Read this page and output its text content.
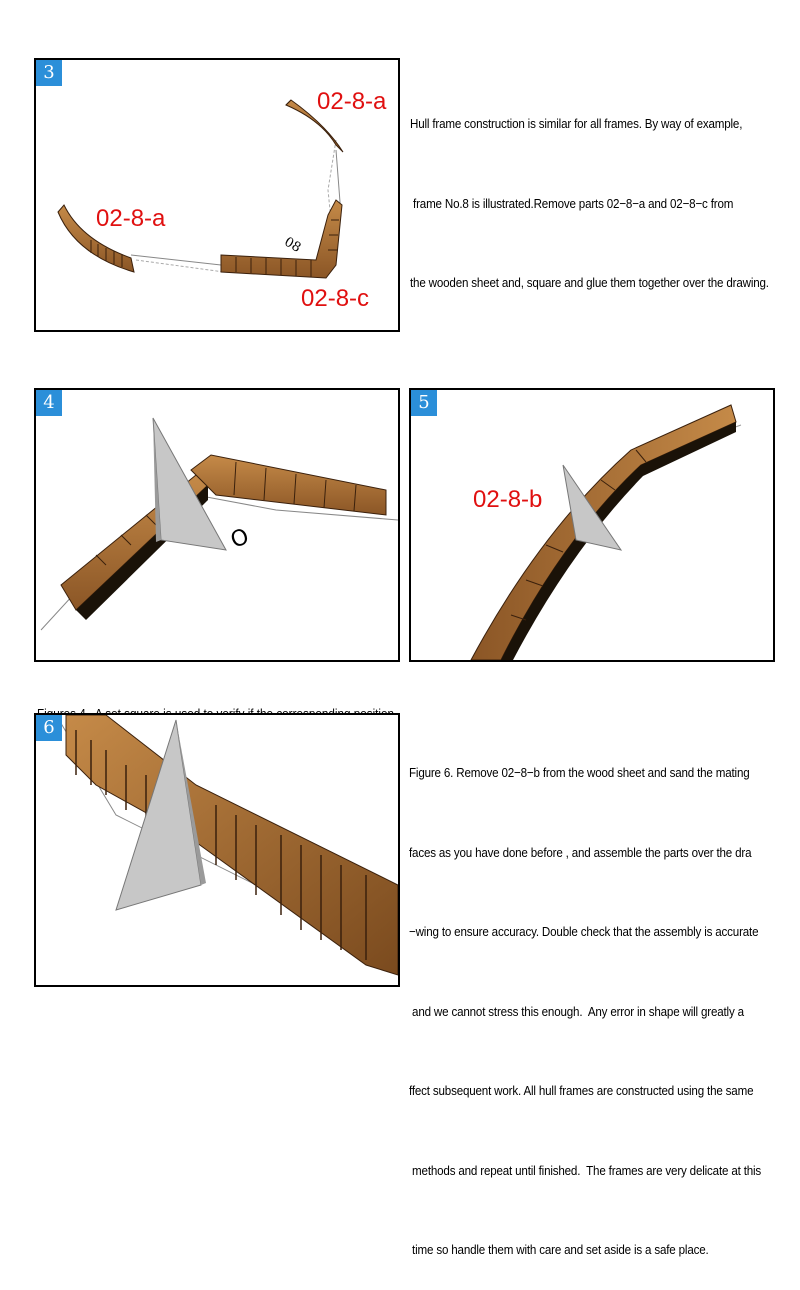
3
08
02-8-a
02-8-a
02-8-c

Hull frame construction is similar for all frames. By way of example,

frame No.8 is illustrated.Remove parts 02−8−a and 02−8−c from

the wooden sheet and, square and glue them together over the drawing.

4
O
5
02-8-b

6

Figure 6. Remove 02−8−b from the wood sheet and sand the mating

faces as you have done before , and assemble the parts over the dra

−wing to ensure accuracy. Double check that the assembly is accurate

and we cannot stress this enough.  Any error in shape will greatly a

ffect subsequent work. All hull frames are constructed using the same

methods and repeat until finished.  The frames are very delicate at this

time so handle them with care and set aside is a safe place.
